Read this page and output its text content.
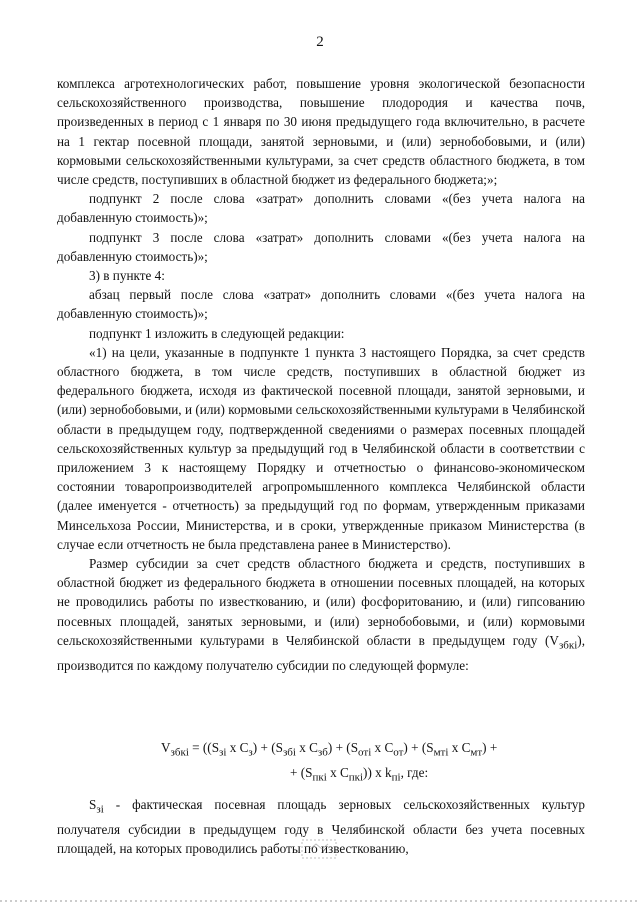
2

комплекса агротехнологических работ, повышение уровня экологической безопасности сельскохозяйственного производства, повышение плодородия и качества почв, произведенных в период с 1 января по 30 июня предыдущего года включительно, в расчете на 1 гектар посевной площади, занятой зерновыми, и (или) зернобобовыми, и (или) кормовыми сельскохозяйственными культурами, за счет средств областного бюджета, в том числе средств, поступивших в областной бюджет из федерального бюджета;»;

подпункт 2 после слова «затрат» дополнить словами «(без учета налога на добавленную стоимость)»;

подпункт 3 после слова «затрат» дополнить словами «(без учета налога на добавленную стоимость)»;

3) в пункте 4:

абзац первый после слова «затрат» дополнить словами «(без учета налога на добавленную стоимость)»;

подпункт 1 изложить в следующей редакции:

«1) на цели, указанные в подпункте 1 пункта 3 настоящего Порядка, за счет средств областного бюджета, в том числе средств, поступивших в областной бюджет из федерального бюджета, исходя из фактической посевной площади, занятой зерновыми, и (или) зернобобовыми, и (или) кормовыми сельскохозяйственными культурами в Челябинской области в предыдущем году, подтвержденной сведениями о размерах посевных площадей сельскохозяйственных культур за предыдущий год в Челябинской области в соответствии с приложением 3 к настоящему Порядку и отчетностью о финансово-экономическом состоянии товаропроизводителей агропромышленного комплекса Челябинской области (далее именуется - отчетность) за предыдущий год по формам, утвержденным приказами Минсельхоза России, Министерства, и в сроки, утвержденные приказом Министерства (в случае если отчетность не была представлена ранее в Министерство).

Размер субсидии за счет средств областного бюджета и средств, поступивших в областной бюджет из федерального бюджета в отношении посевных площадей, на которых не проводились работы по известкованию, и (или) фосфоритованию, и (или) гипсованию посевных площадей, занятых зерновыми, и (или) зернобобовыми, и (или) кормовыми сельскохозяйственными культурами в Челябинской области в предыдущем году $(V_{збкi})$, производится по каждому получателю субсидии по следующей формуле:

$V_{збкi} = ((S_{зi}$ x $C_з) + (S_{збi}$ x $C_{зб}) + (S_{отi}$ x $C_{от}) + (S_{мтi}$ x $C_{мт}$) +
+ ($S_{пкi}$ x $C_{пкi}$)) x $k_{пi}$, где:

$S_{зi}$ - фактическая посевная площадь зерновых сельскохозяйственных культур получателя субсидии в предыдущем году в Челябинской области без учета посевных площадей, на которых проводились работы по известкованию,
